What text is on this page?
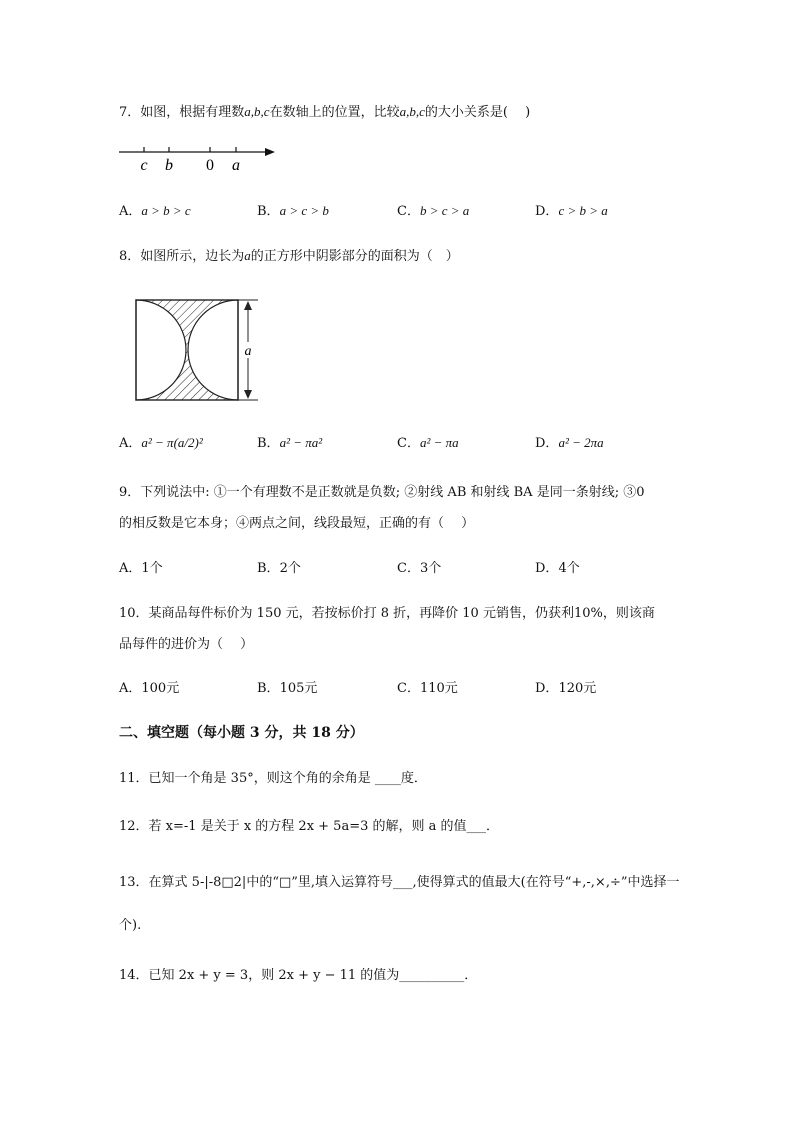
7．如图，根据有理数a,b,c在数轴上的位置，比较a,b,c的大小关系是(　 )
c b 0 a
A．a > b > c	B．a > c > b	C．b > c > a	D．c > b > a
8．如图所示，边长为a的正方形中阴影部分的面积为（　）
a
A．a² − π(a/2)²	B．a² − πa²	C．a² − πa	D．a² − 2πa
9．下列说法中: ①一个有理数不是正数就是负数; ②射线 AB 和射线 BA 是同一条射线; ③0
的相反数是它本身；④两点之间，线段最短，正确的有（　 ）
A．1个	B．2个	C．3个	D．4个
10．某商品每件标价为 150 元，若按标价打 8 折，再降价 10 元销售，仍获利10%，则该商
品每件的进价为（　 ）
A．100元	B．105元	C．110元	D．120元
二、填空题（每小题 3 分，共 18 分）
11．已知一个角是 35°，则这个角的余角是 ____度．
12．若 x=-1 是关于 x 的方程 2x + 5a=3 的解，则 a 的值___．
13．在算式 5-|-8□2|中的“□”里,填入运算符号___,使得算式的值最大(在符号“+,-,×,÷”中选择一
个).
14．已知 2x + y = 3，则 2x + y − 11 的值为__________．
